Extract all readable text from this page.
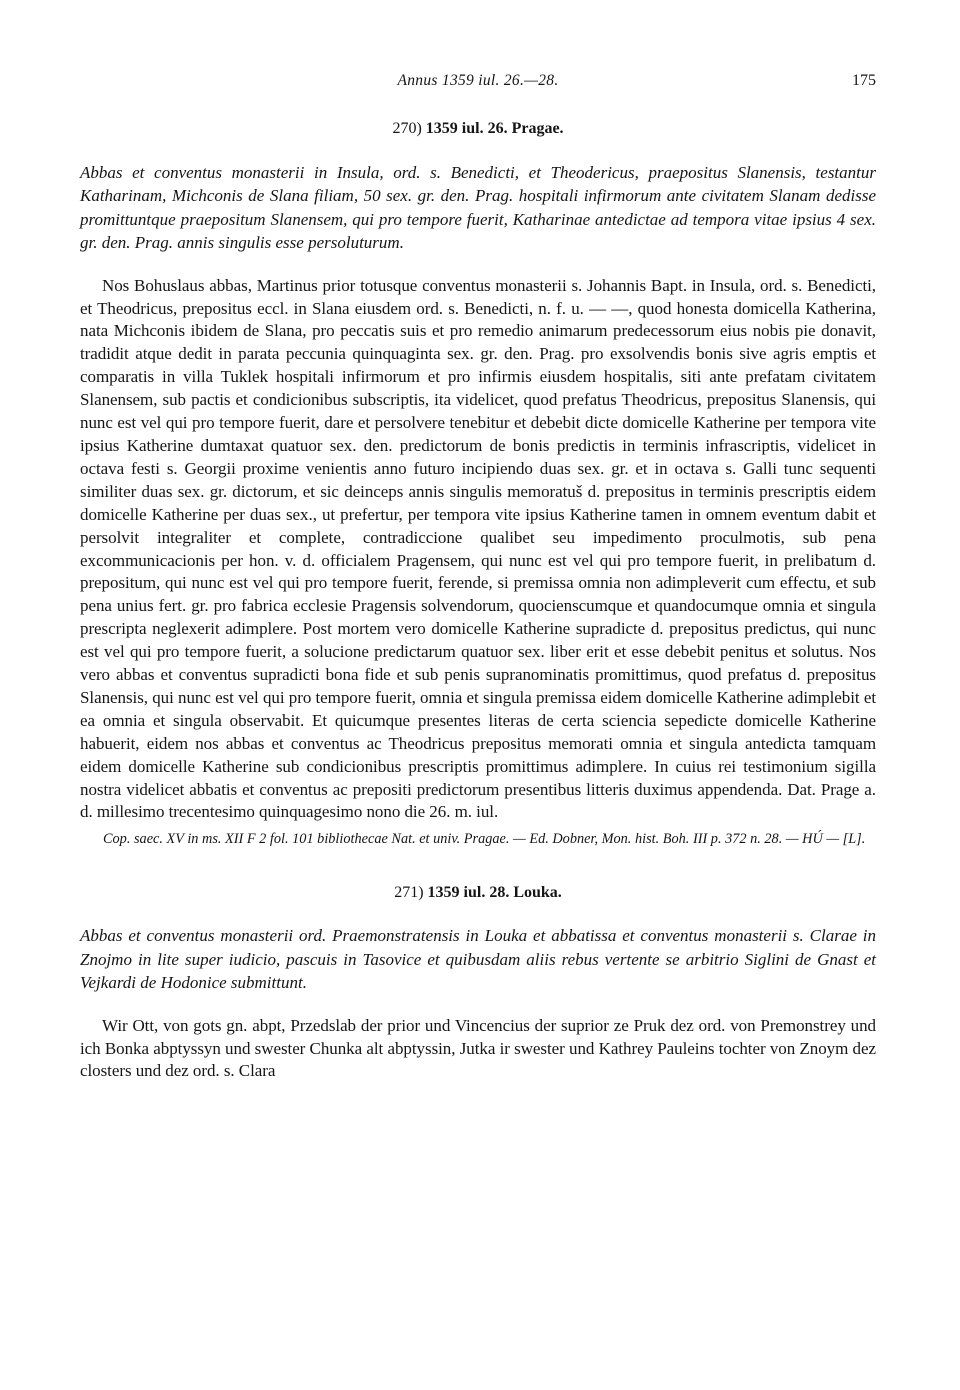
Annus 1359 iul. 26.—28.	175

270) 1359 iul. 26. Pragae.

Abbas et conventus monasterii in Insula, ord. s. Benedicti, et Theodericus, praepositus Slanensis, testantur Katharinam, Michconis de Slana filiam, 50 sex. gr. den. Prag. hospitali infirmorum ante civitatem Slanam dedisse promittuntque praepositum Slanensem, qui pro tempore fuerit, Katharinae antedictae ad tempora vitae ipsius 4 sex. gr. den. Prag. annis singulis esse persoluturum.

Nos Bohuslaus abbas, Martinus prior totusque conventus monasterii s. Johannis Bapt. in Insula, ord. s. Benedicti, et Theodricus, prepositus eccl. in Slana eiusdem ord. s. Benedicti, n. f. u. — —, quod honesta domicella Katherina, nata Michconis ibidem de Slana, pro peccatis suis et pro remedio animarum predecessorum eius nobis pie donavit, tradidit atque dedit in parata peccunia quinquaginta sex. gr. den. Prag. pro exsolvendis bonis sive agris emptis et comparatis in villa Tuklek hospitali infirmorum et pro infirmis eiusdem hospitalis, siti ante prefatam civitatem Slanensem, sub pactis et condicionibus subscriptis, ita videlicet, quod prefatus Theodricus, prepositus Slanensis, qui nunc est vel qui pro tempore fuerit, dare et persolvere tenebitur et debebit dicte domicelle Katherine per tempora vite ipsius Katherine dumtaxat quatuor sex. den. predictorum de bonis predictis in terminis infrascriptis, videlicet in octava festi s. Georgii proxime venientis anno futuro incipiendo duas sex. gr. et in octava s. Galli tunc sequenti similiter duas sex. gr. dictorum, et sic deinceps annis singulis memoratuš d. prepositus in terminis prescriptis eidem domicelle Katherine per duas sex., ut prefertur, per tempora vite ipsius Katherine tamen in omnem eventum dabit et persolvit integraliter et complete, contradiccione qualibet seu impedimento proculmotis, sub pena excommunicacionis per hon. v. d. officialem Pragensem, qui nunc est vel qui pro tempore fuerit, in prelibatum d. prepositum, qui nunc est vel qui pro tempore fuerit, ferende, si premissa omnia non adimpleverit cum effectu, et sub pena unius fert. gr. pro fabrica ecclesie Pragensis solvendorum, quocienscumque et quandocumque omnia et singula prescripta neglexerit adimplere. Post mortem vero domicelle Katherine supradicte d. prepositus predictus, qui nunc est vel qui pro tempore fuerit, a solucione predictarum quatuor sex. liber erit et esse debebit penitus et solutus. Nos vero abbas et conventus supradicti bona fide et sub penis supranominatis promittimus, quod prefatus d. prepositus Slanensis, qui nunc est vel qui pro tempore fuerit, omnia et singula premissa eidem domicelle Katherine adimplebit et ea omnia et singula observabit. Et quicumque presentes literas de certa sciencia sepedicte domicelle Katherine habuerit, eidem nos abbas et conventus ac Theodricus prepositus memorati omnia et singula antedicta tamquam eidem domicelle Katherine sub condicionibus prescriptis promittimus adimplere. In cuius rei testimonium sigilla nostra videlicet abbatis et conventus ac prepositi predictorum presentibus litteris duximus appendenda. Dat. Prage a. d. millesimo trecentesimo quinquagesimo nono die 26. m. iul.

Cop. saec. XV in ms. XII F 2 fol. 101 bibliothecae Nat. et univ. Pragae. — Ed. Dobner, Mon. hist. Boh. III p. 372 n. 28. — HÚ — [L].

271) 1359 iul. 28. Louka.

Abbas et conventus monasterii ord. Praemonstratensis in Louka et abbatissa et conventus monasterii s. Clarae in Znojmo in lite super iudicio, pascuis in Tasovice et quibusdam aliis rebus vertente se arbitrio Siglini de Gnast et Vejkardi de Hodonice submittunt.

Wir Ott, von gots gn. abpt, Przedslab der prior und Vincencius der suprior ze Pruk dez ord. von Premonstrey und ich Bonka abptyssyn und swester Chunka alt abptyssin, Jutka ir swester und Kathrey Pauleins tochter von Znoym dez closters und dez ord. s. Clara
